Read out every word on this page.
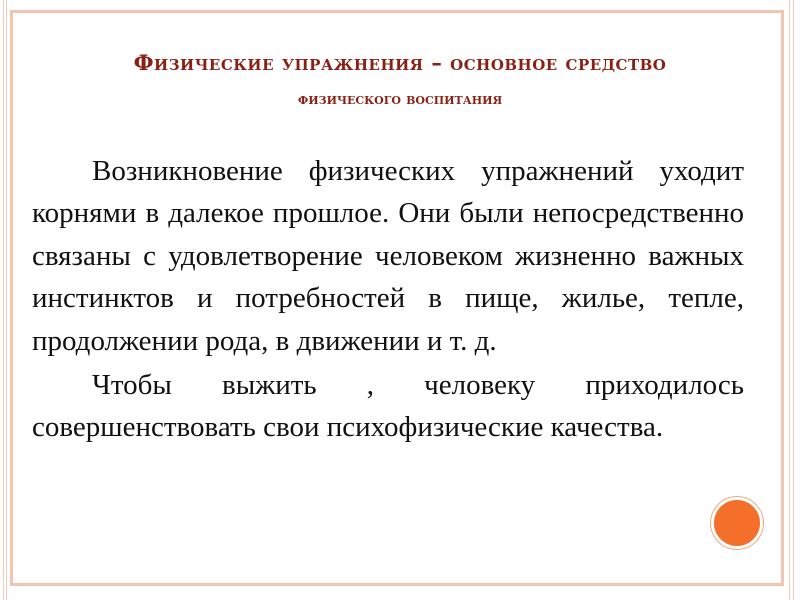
Физические упражнения – основное средство
физического воспитания

Возникновение физических упражнений уходит корнями в далекое прошлое. Они были непосредственно связаны с удовлетворение человеком жизненно важных инстинктов и потребностей в пище, жилье, тепле, продолжении рода, в движении и т. д.

Чтобы выжить , человеку приходилось совершенствовать свои психофизические качества.
